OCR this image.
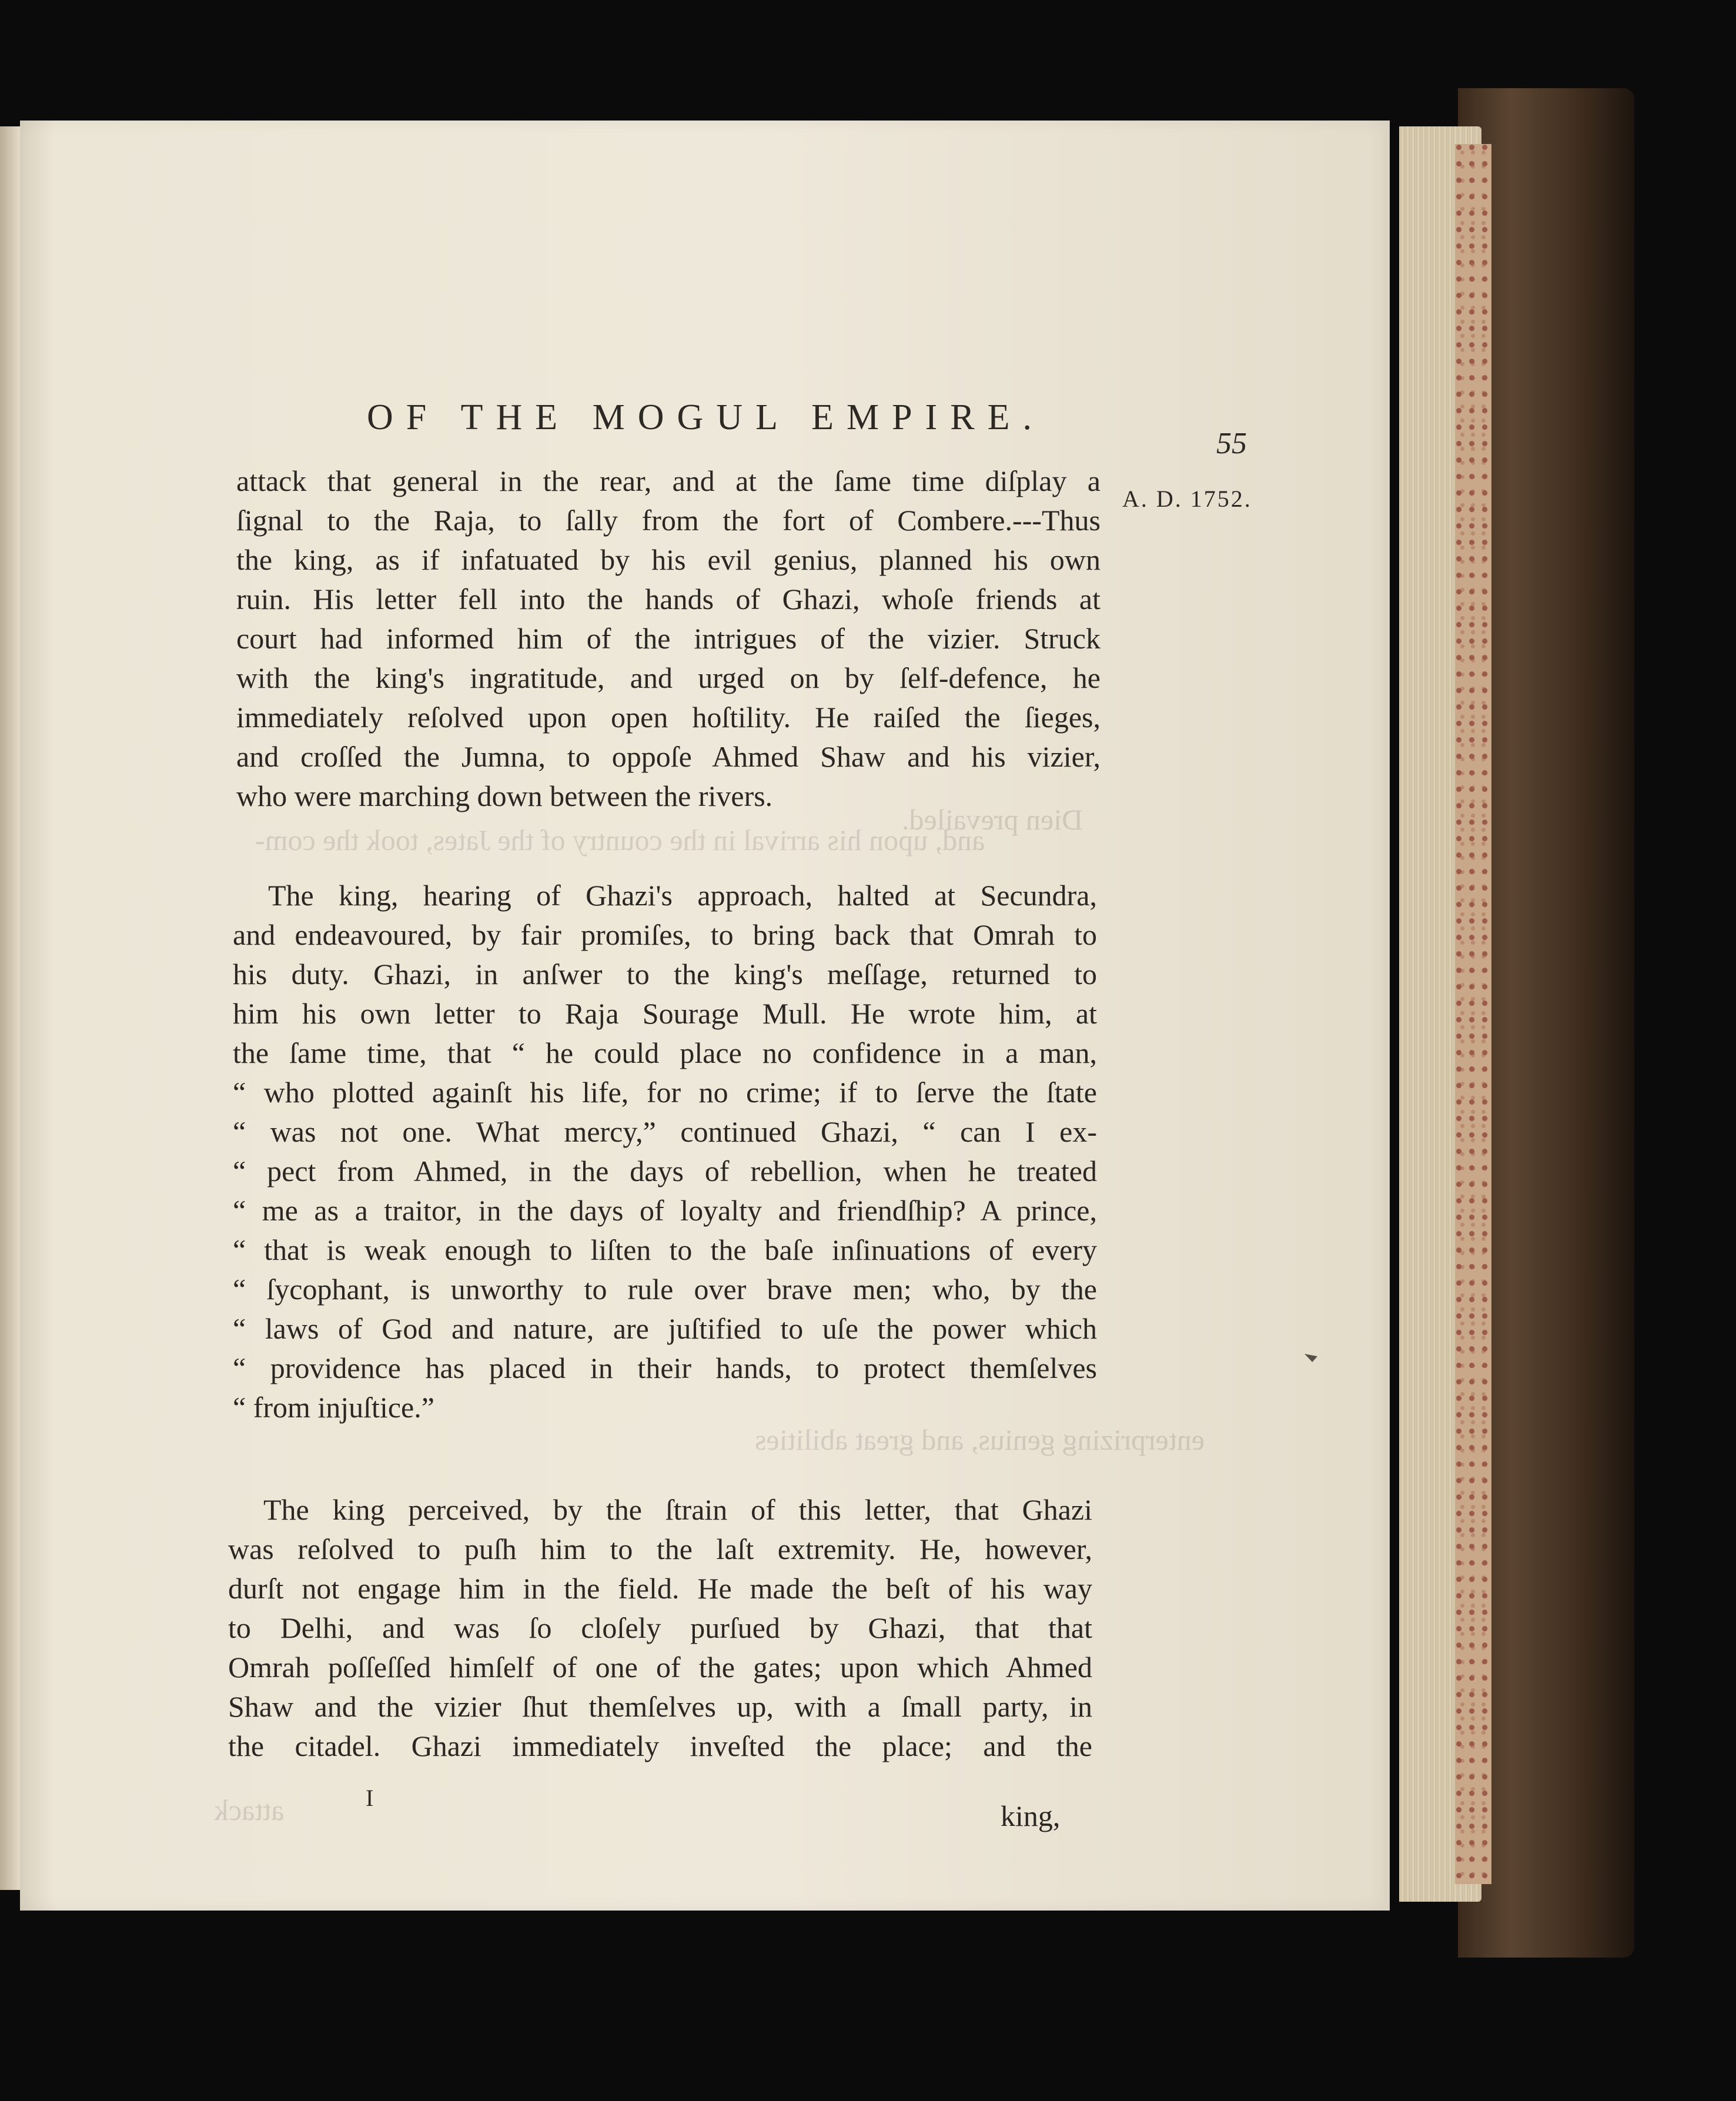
and, upon his arrival in the country of the Jates, took the com-
Dien prevailed.
enterprizing genius, and great abilities
attack
OF THE MOGUL EMPIRE.
55
A. D. 1752.
attack that general in the rear, and at the ſame time diſplay a
ſignal to the Raja, to ſally from the fort of Combere.---Thus
the king, as if infatuated by his evil genius, planned his own
ruin. His letter fell into the hands of Ghazi, whoſe friends at
court had informed him of the intrigues of the vizier. Struck
with the king's ingratitude, and urged on by ſelf-defence, he
immediately reſolved upon open hoſtility. He raiſed the ſieges,
and croſſed the Jumna, to oppoſe Ahmed Shaw and his vizier,
who were marching down between the rivers.
The king, hearing of Ghazi's approach, halted at Secundra,
and endeavoured, by fair promiſes, to bring back that Omrah to
his duty. Ghazi, in anſwer to the king's meſſage, returned to
him his own letter to Raja Sourage Mull. He wrote him, at
the ſame time, that “ he could place no confidence in a man,
“ who plotted againſt his life, for no crime; if to ſerve the ſtate
“ was not one. What mercy,” continued Ghazi, “ can I ex-
“ pect from Ahmed, in the days of rebellion, when he treated
“ me as a traitor, in the days of loyalty and friendſhip? A prince,
“ that is weak enough to liſten to the baſe inſinuations of every
“ ſycophant, is unworthy to rule over brave men; who, by the
“ laws of God and nature, are juſtified to uſe the power which
“ providence has placed in their hands, to protect themſelves
“ from injuſtice.”
The king perceived, by the ſtrain of this letter, that Ghazi
was reſolved to puſh him to the laſt extremity. He, however,
durſt not engage him in the field. He made the beſt of his way
to Delhi, and was ſo cloſely purſued by Ghazi, that that
Omrah poſſeſſed himſelf of one of the gates; upon which Ahmed
Shaw and the vizier ſhut themſelves up, with a ſmall party, in
the citadel. Ghazi immediately inveſted the place; and the
I
king,
